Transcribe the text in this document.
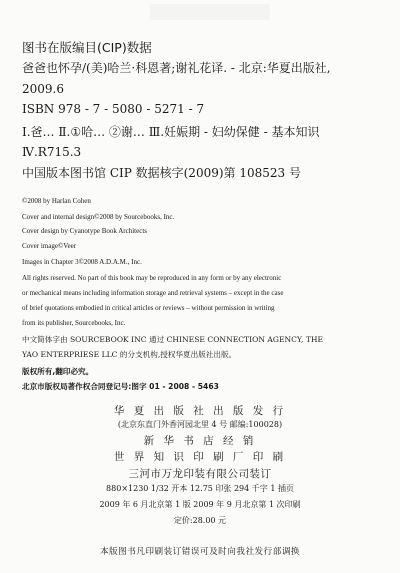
图书在版编目(CIP)数据
爸爸也怀孕/(美)哈兰·科恩著;谢礼花译. - 北京:华夏出版社,
2009.6
ISBN 978 - 7 - 5080 - 5271 - 7
Ⅰ.爸… Ⅱ.①哈… ②谢… Ⅲ.妊娠期 - 妇幼保健 - 基本知识
Ⅳ.R715.3
中国版本图书馆 CIP 数据核字(2009)第 108523 号
©2008 by Harlan Cohen
Cover and internal design©2008 by Sourcebooks, Inc.
Cover design by Cyanotype Book Architects
Cover image©Veer
Images in Chapter 3©2008 A.D.A.M., Inc.
All rights reserved. No part of this book may be reproduced in any form or by any electronic
or mechanical means including information storage and retrieval systems – except in the case
of brief quotations embodied in critical articles or reviews – without permission in writing
from its publisher, Sourcebooks, Inc.
中文简体字由 SOURCEBOOK INC 通过 CHINESE CONNECTION AGENCY, THE
YAO ENTERPRIESE LLC 的分支机构,授权华夏出版社出版。
版权所有,翻印必究。
北京市版权局著作权合同登记号:图字 01 - 2008 - 5463
华 夏 出 版 社 出 版 发 行
(北京东直门外香河园北里 4 号 邮编:100028)
新 华 书 店 经 销
世 界 知 识 印 刷 厂 印 刷
三河市万龙印装有限公司装订
880×1230 1/32 开本 12.75 印张 294 千字 1 插页
2009 年 6 月北京第 1 版 2009 年 9 月北京第 1 次印刷
定价:28.00 元
本版图书凡印刷装订错误可及时向我社发行部调换
